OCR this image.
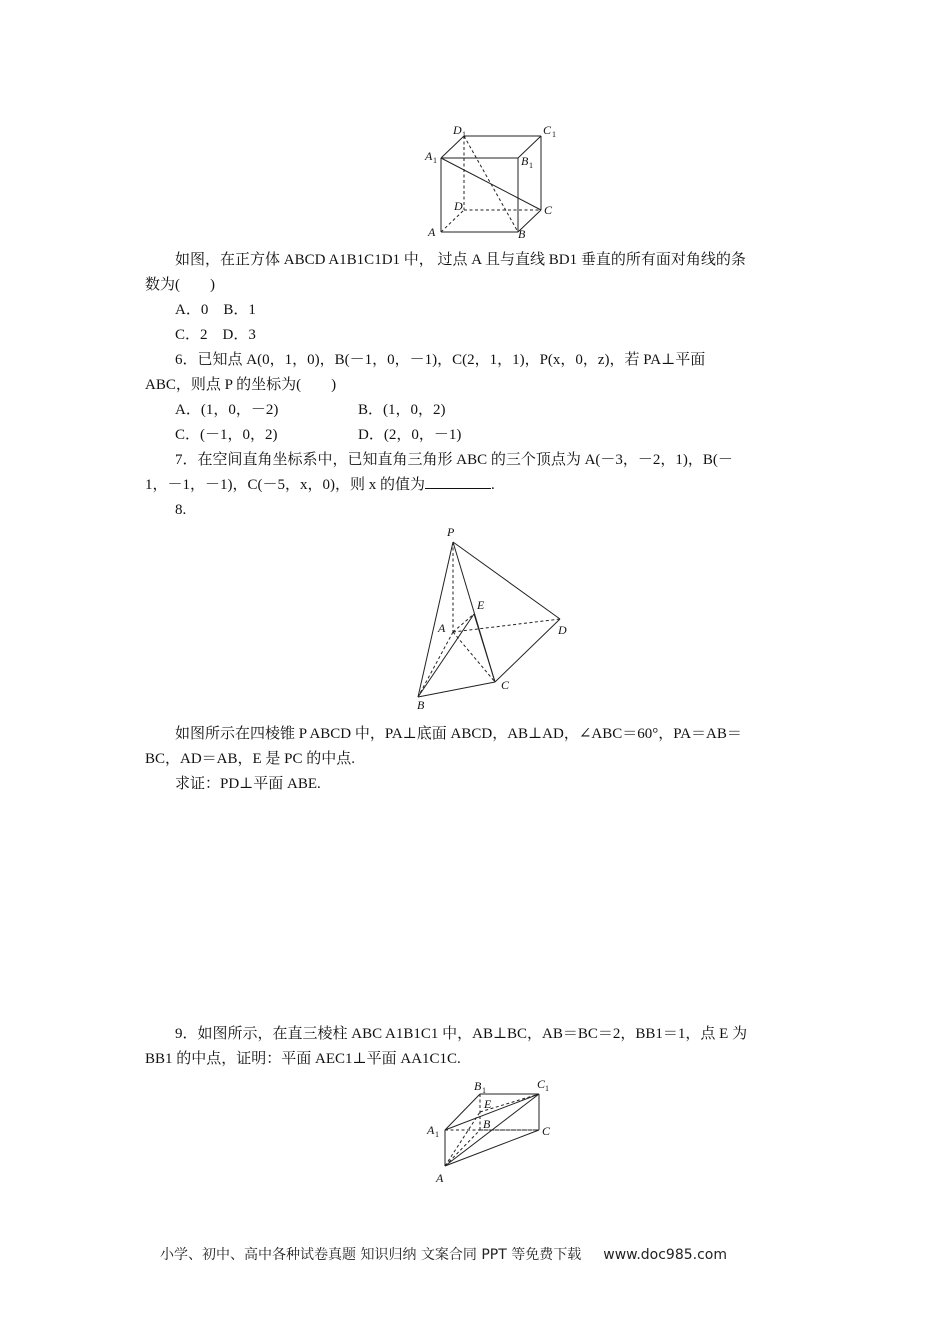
D 1	C 1
A 1	B 1
D	C
A	B
如图，在正方体 ABCD A1B1C1D1 中， 过点 A 且与直线 BD1 垂直的所有面对角线的条
数为(　　)
A．0　B．1
C．2　D．3
6．已知点 A(0，1，0)，B(－1，0，－1)，C(2，1，1)，P(x，0，z)，若 PA⊥平面
ABC，则点 P 的坐标为(　　)
A．(1，0，－2)	B．(1，0，2)
C．(－1，0，2)	D．(2，0，－1)
7．在空间直角坐标系中，已知直角三角形 ABC 的三个顶点为 A(－3，－2，1)，B(－
1，－1，－1)，C(－5，x，0)，则 x 的值为	.
8.
P
E
A	D
C
B
如图所示在四棱锥 P ABCD 中，PA⊥底面 ABCD，AB⊥AD，∠ABC＝60°，PA＝AB＝
BC，AD＝AB，E 是 PC 的中点.
求证：PD⊥平面 ABE.
9．如图所示，在直三棱柱 ABC A1B1C1 中，AB⊥BC，AB＝BC＝2，BB1＝1，点 E 为
BB1 的中点，证明：平面 AEC1⊥平面 AA1C1C.
B 1	C 1
E
B
A 1	C
A
小学、初中、高中各种试卷真题 知识归纳 文案合同 PPT 等免费下载 www.doc985.com
